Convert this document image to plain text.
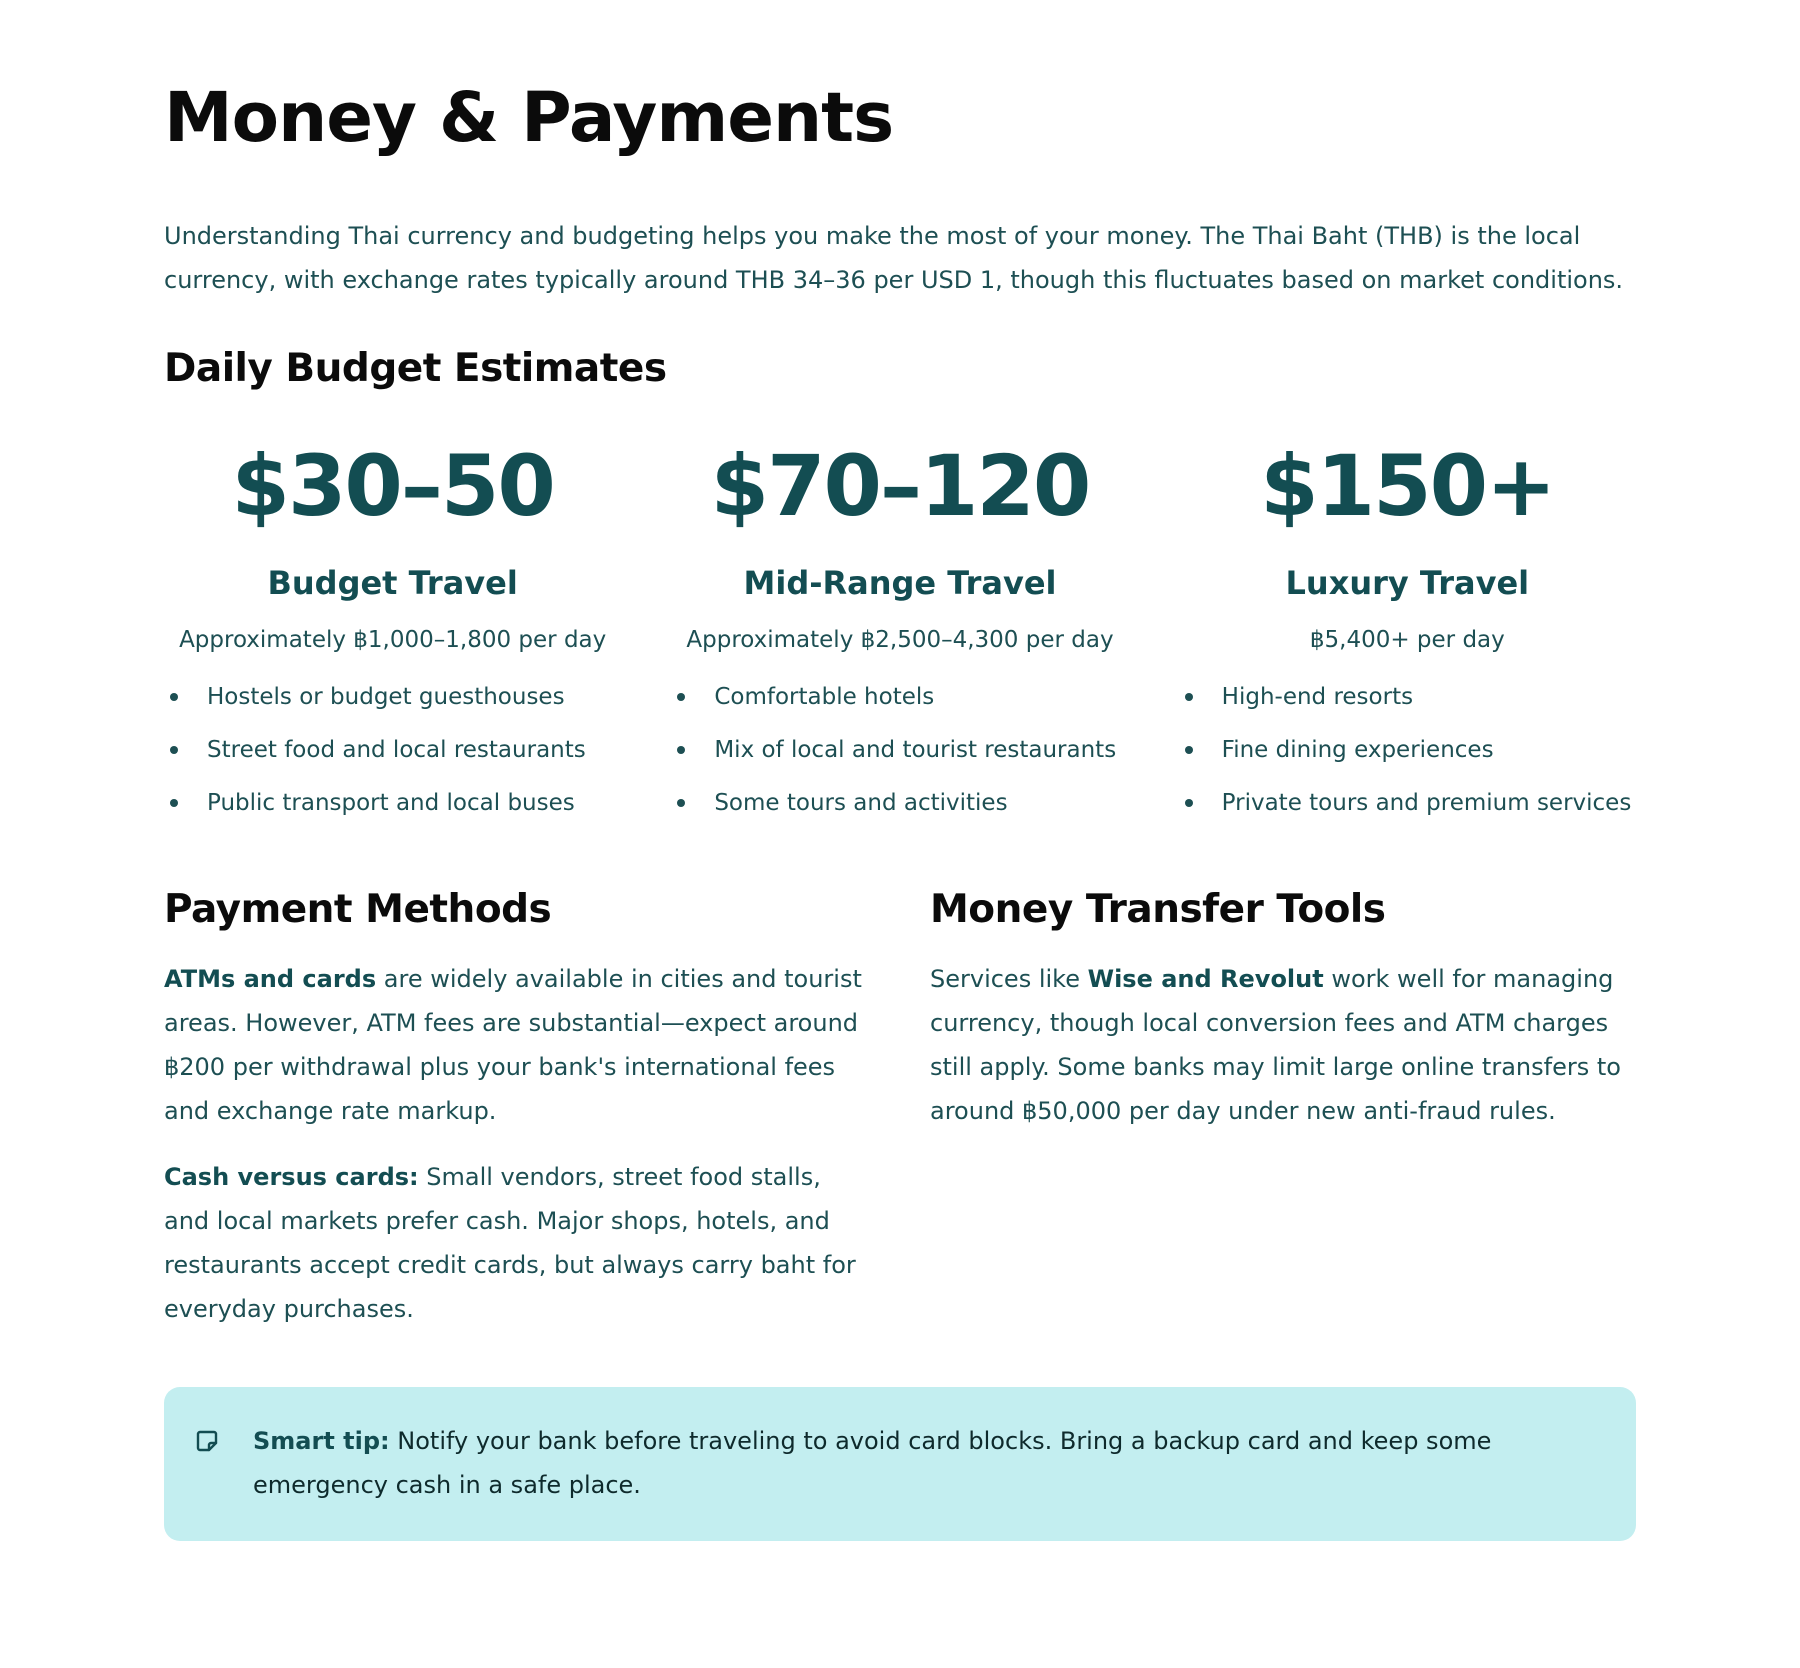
Money & Payments

Understanding Thai currency and budgeting helps you make the most of your money. The Thai Baht (THB) is the local currency, with exchange rates typically around THB 34–36 per USD 1, though this fluctuates based on market conditions.

Daily Budget Estimates
$30–50
Budget Travel
Approximately ฿1,000–1,800 per day
Hostels or budget guesthouses
Street food and local restaurants
Public transport and local buses
$70–120
Mid-Range Travel
Approximately ฿2,500–4,300 per day
Comfortable hotels
Mix of local and tourist restaurants
Some tours and activities
$150+
Luxury Travel
฿5,400+ per day
High-end resorts
Fine dining experiences
Private tours and premium services
Payment Methods

ATMs and cards are widely available in cities and tourist areas. However, ATM fees are substantial—expect around ฿200 per withdrawal plus your bank's international fees and exchange rate markup.

Cash versus cards: Small vendors, street food stalls, and local markets prefer cash. Major shops, hotels, and restaurants accept credit cards, but always carry baht for everyday purchases.

Money Transfer Tools

Services like Wise and Revolut work well for managing currency, though local conversion fees and ATM charges still apply. Some banks may limit large online transfers to around ฿50,000 per day under new anti-fraud rules.

Smart tip: Notify your bank before traveling to avoid card blocks. Bring a backup card and keep some emergency cash in a safe place.
